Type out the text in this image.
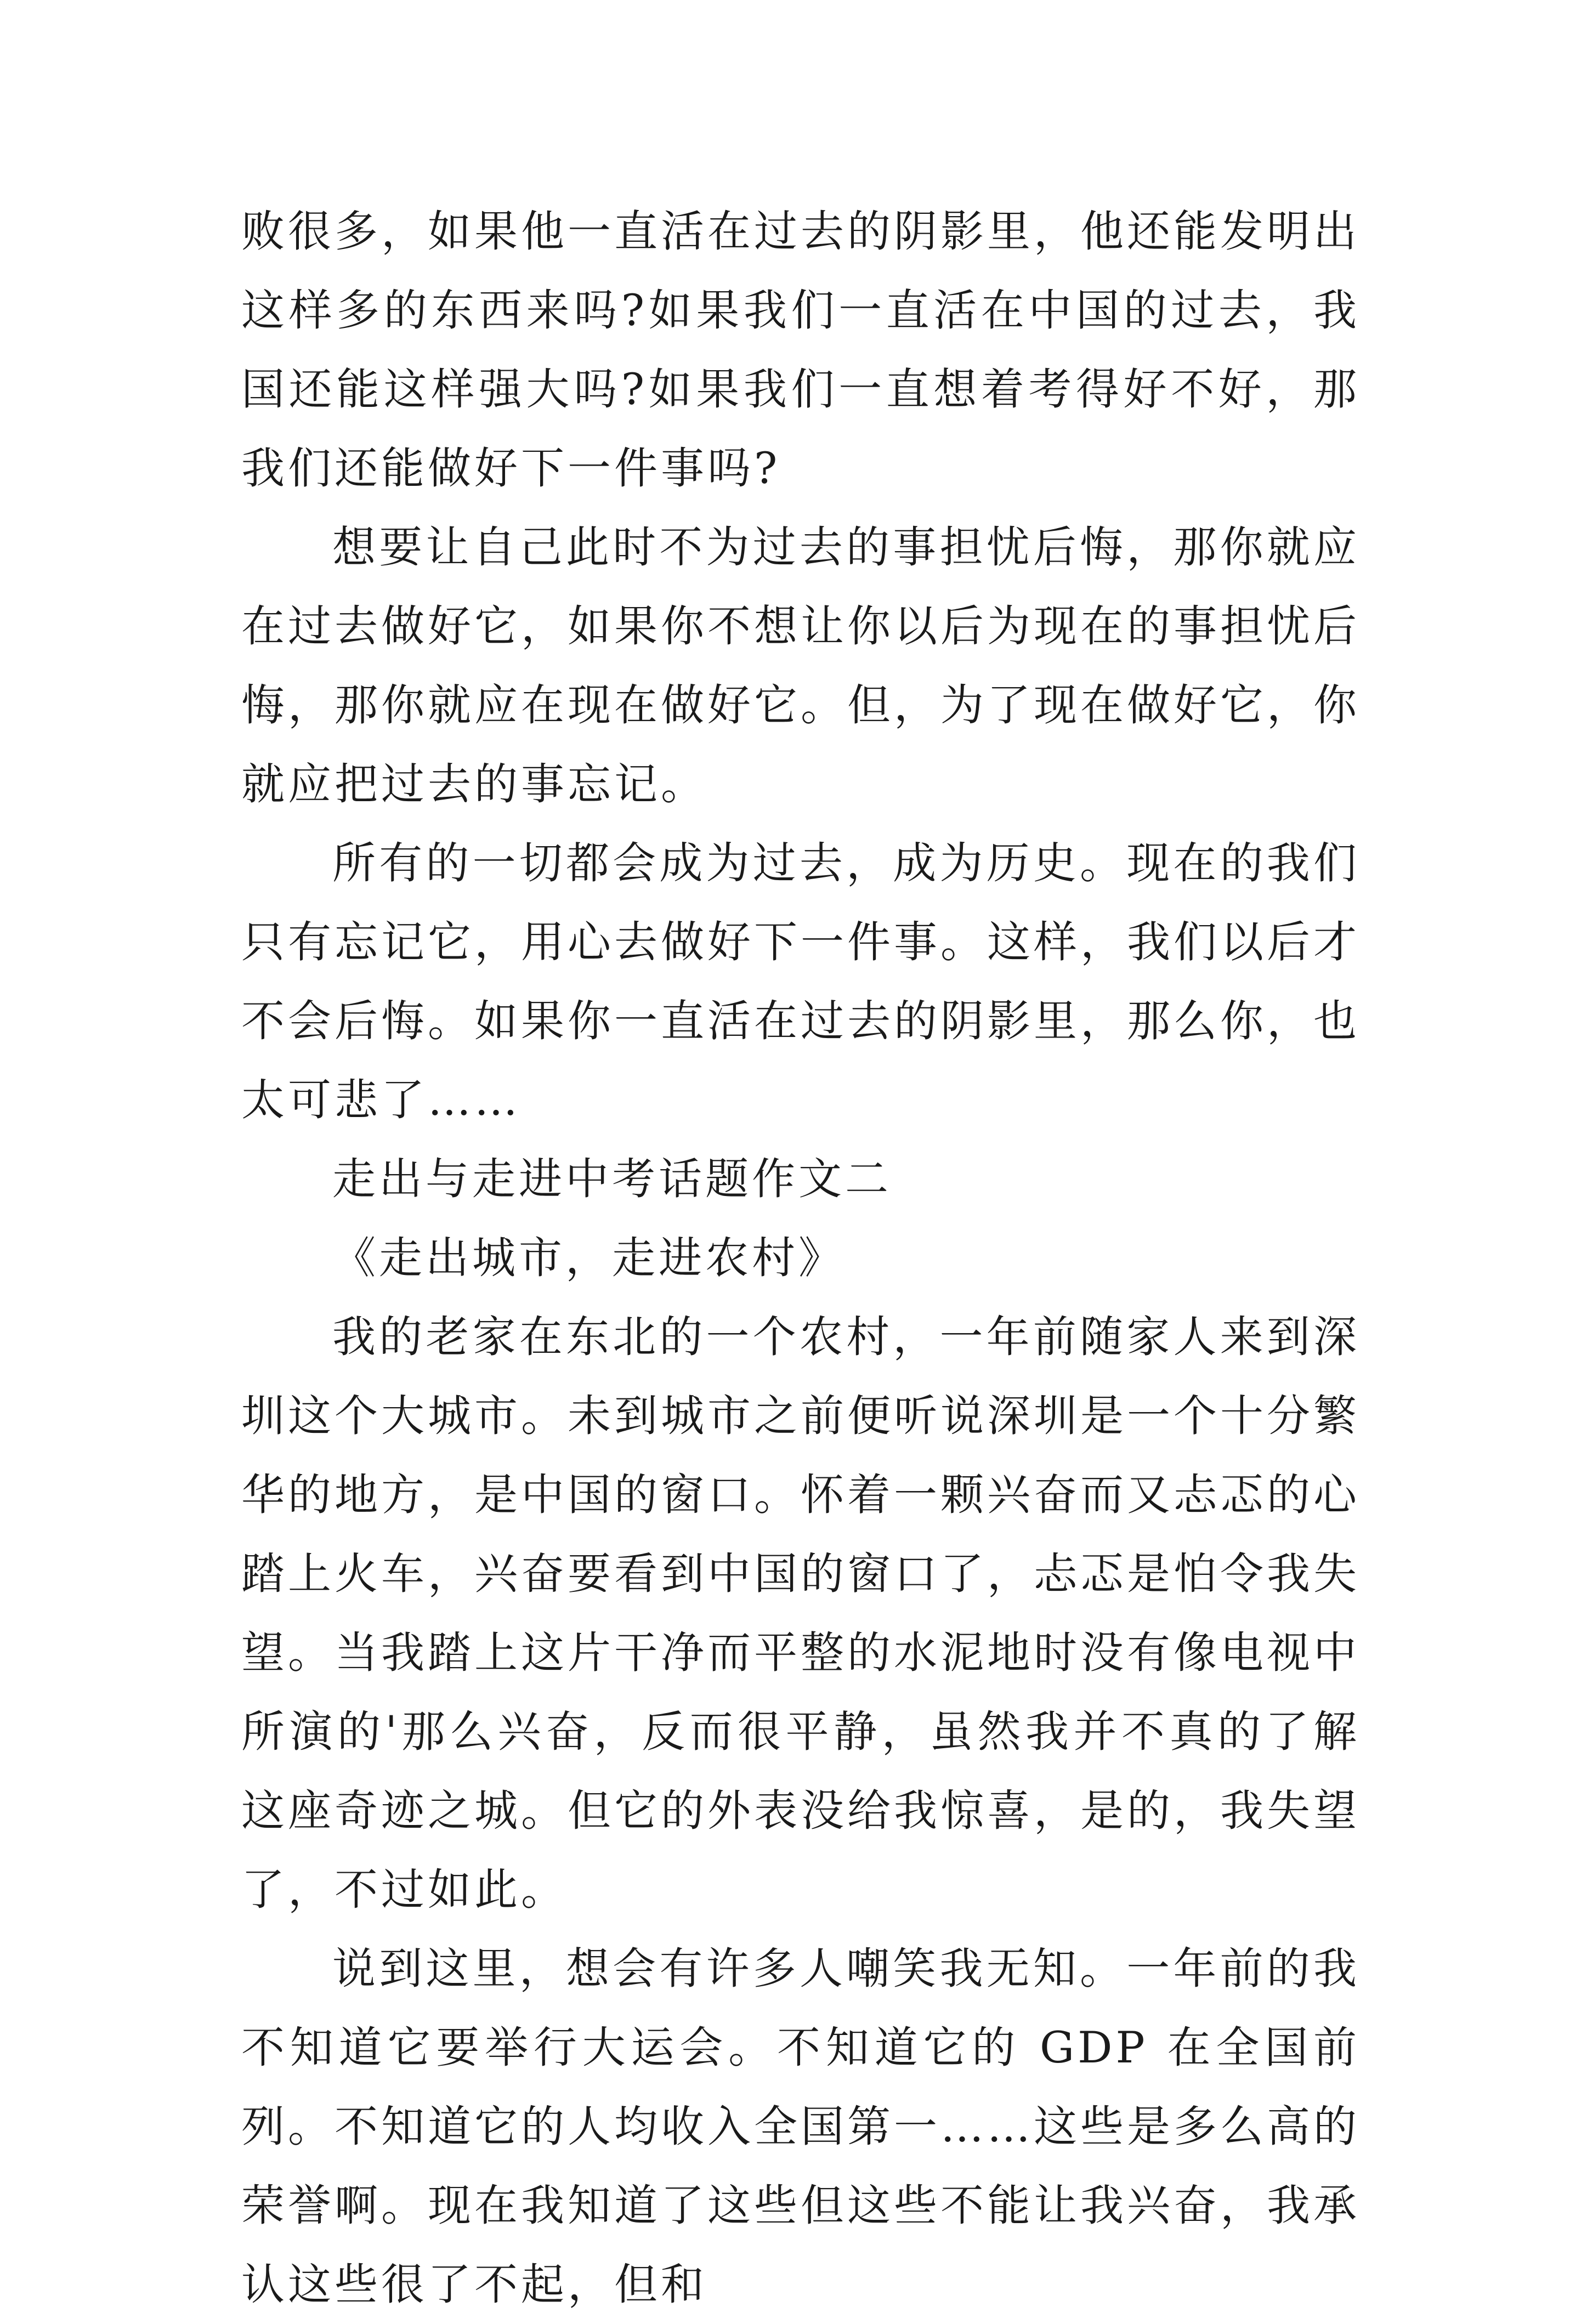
败很多，如果他一直活在过去的阴影里，他还能发明出这样多的东西来吗?如果我们一直活在中国的过去，我国还能这样强大吗?如果我们一直想着考得好不好，那我们还能做好下一件事吗?

想要让自己此时不为过去的事担忧后悔，那你就应在过去做好它，如果你不想让你以后为现在的事担忧后悔，那你就应在现在做好它。但，为了现在做好它，你就应把过去的事忘记。

所有的一切都会成为过去，成为历史。现在的我们只有忘记它，用心去做好下一件事。这样，我们以后才不会后悔。如果你一直活在过去的阴影里，那么你，也太可悲了……

走出与走进中考话题作文二

《走出城市，走进农村》

我的老家在东北的一个农村，一年前随家人来到深圳这个大城市。未到城市之前便听说深圳是一个十分繁华的地方，是中国的窗口。怀着一颗兴奋而又忐忑的心踏上火车，兴奋要看到中国的窗口了，忐忑是怕令我失望。当我踏上这片干净而平整的水泥地时没有像电视中所演的'那么兴奋，反而很平静，虽然我并不真的了解这座奇迹之城。但它的外表没给我惊喜，是的，我失望了，不过如此。

说到这里，想会有许多人嘲笑我无知。一年前的我不知道它要举行大运会。不知道它的 GDP 在全国前列。不知道它的人均收入全国第一……这些是多么高的荣誉啊。现在我知道了这些但这些不能让我兴奋，我承认这些很了不起，但和
